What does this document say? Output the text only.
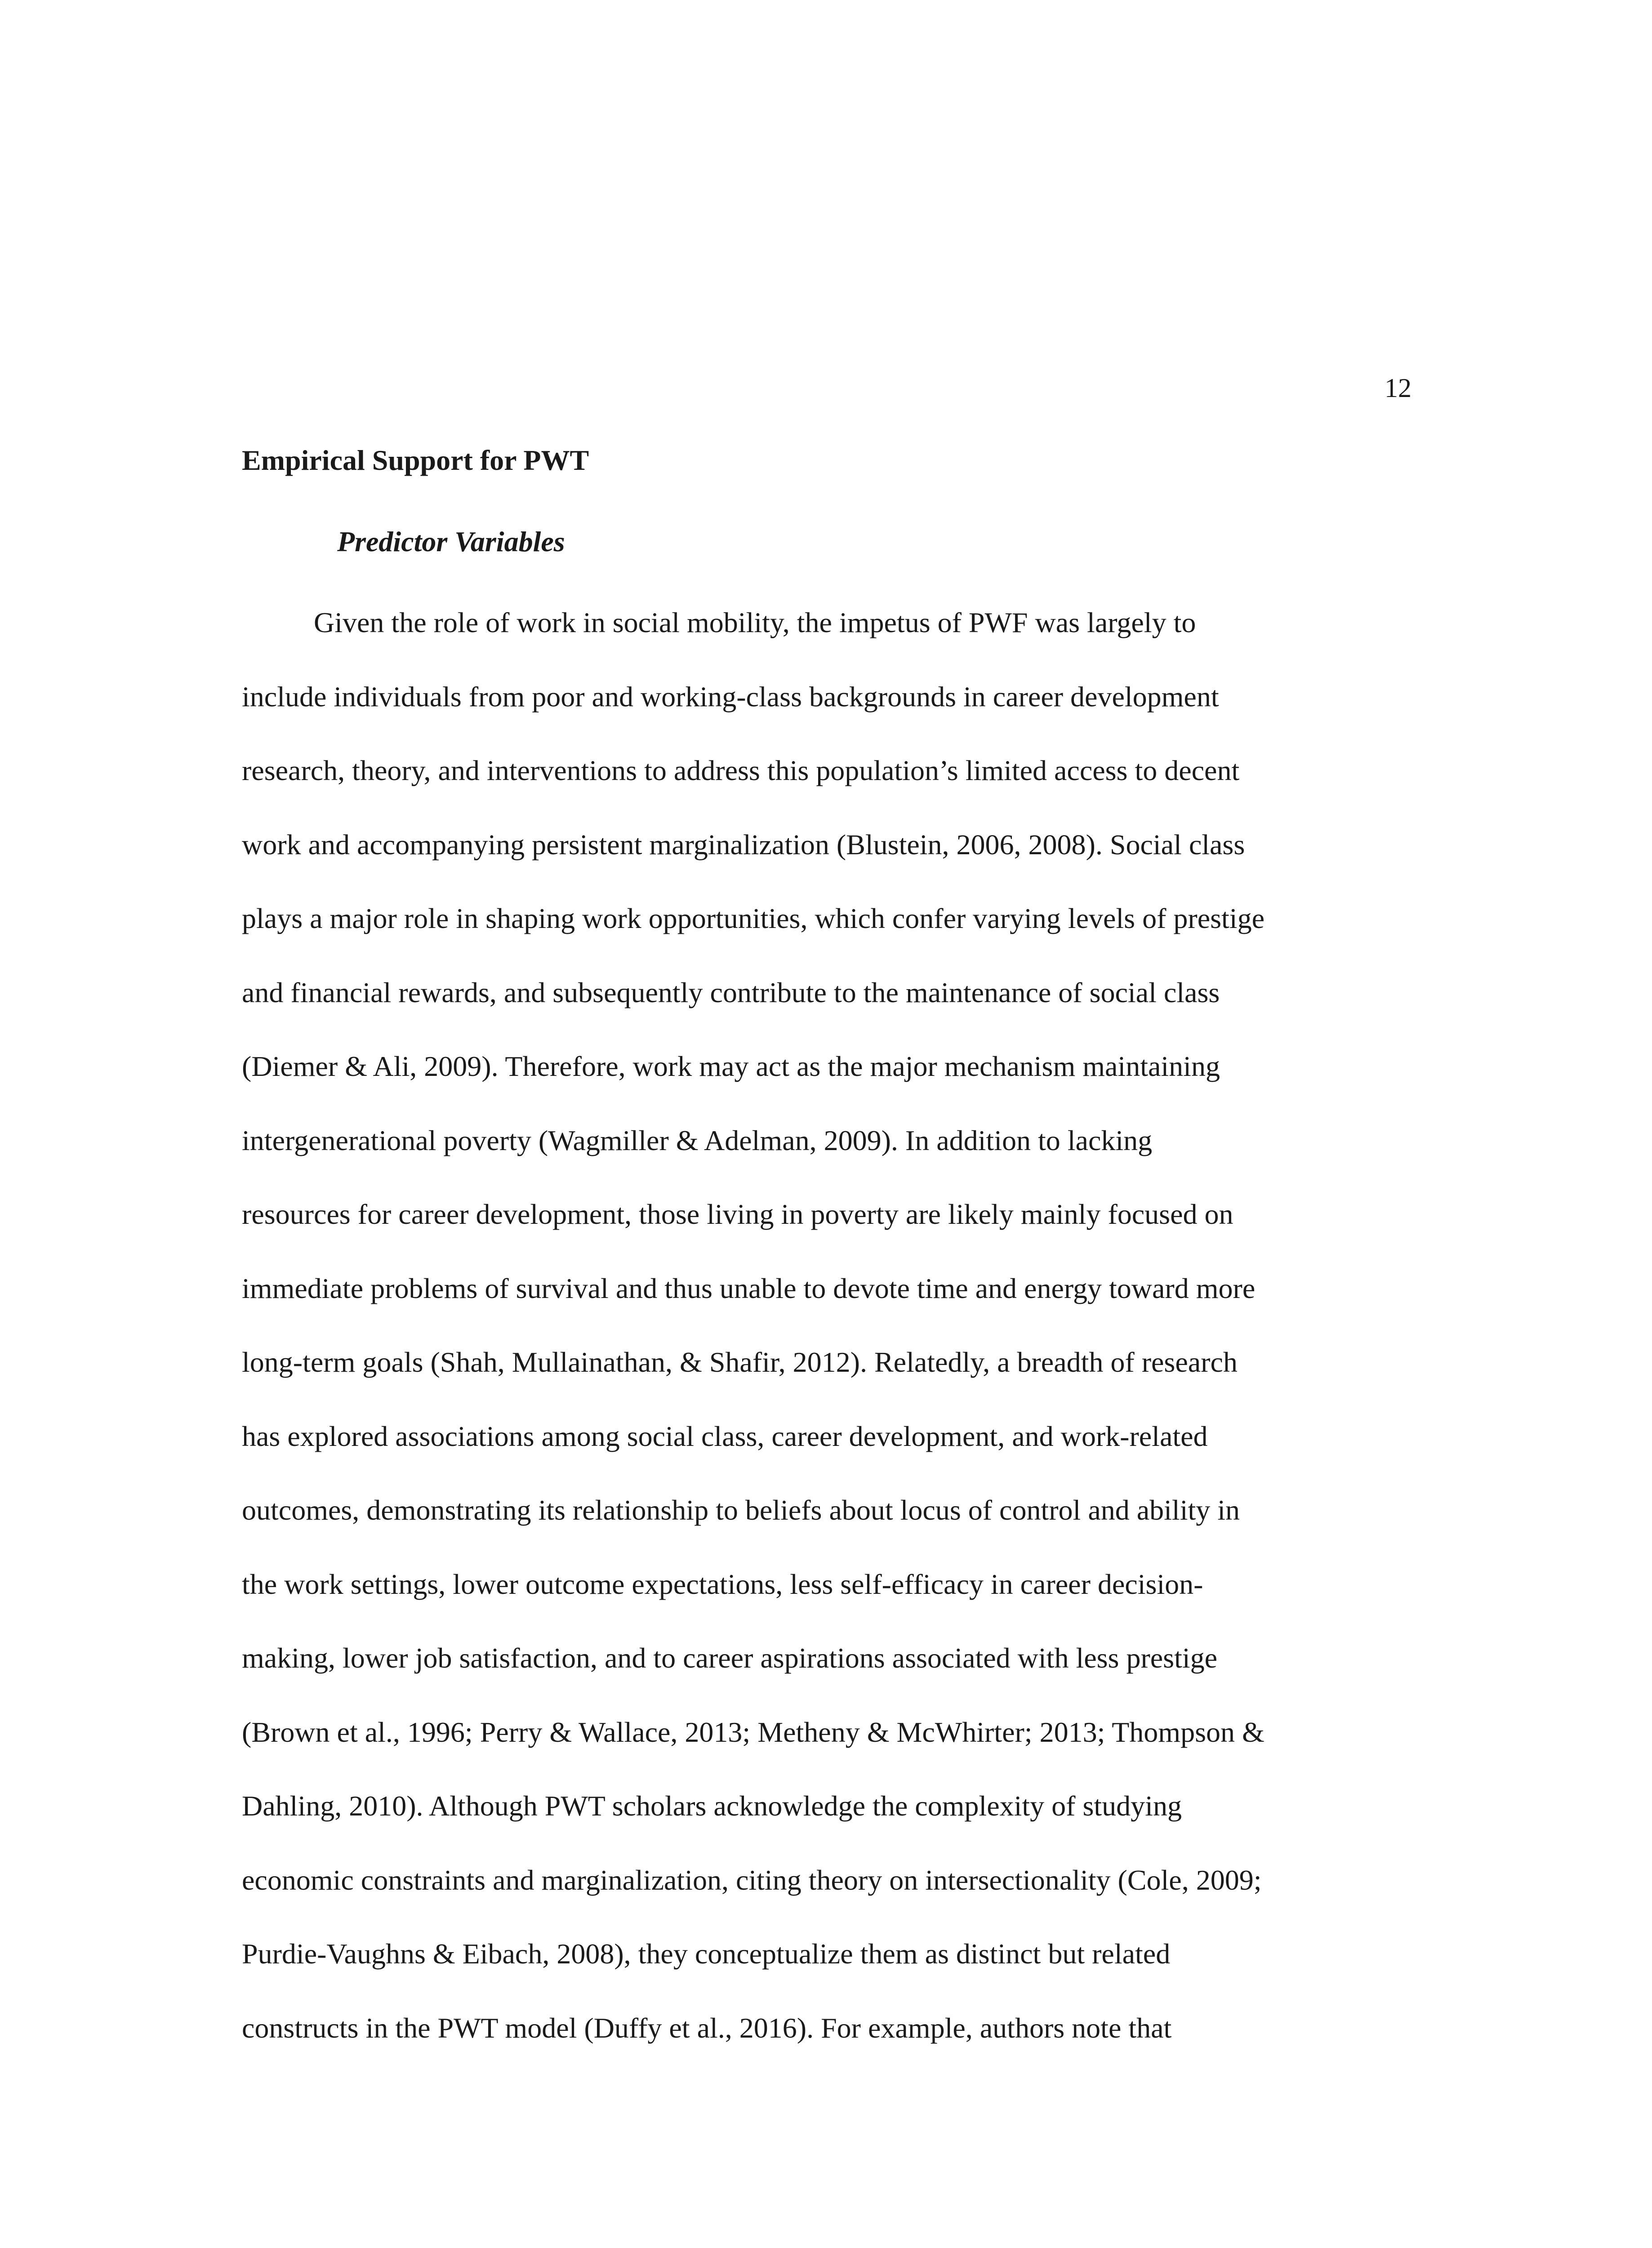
12
Empirical Support for PWT
Predictor Variables
Given the role of work in social mobility, the impetus of PWF was largely to
include individuals from poor and working-class backgrounds in career development
research, theory, and interventions to address this population’s limited access to decent
work and accompanying persistent marginalization (Blustein, 2006, 2008). Social class
plays a major role in shaping work opportunities, which confer varying levels of prestige
and financial rewards, and subsequently contribute to the maintenance of social class
(Diemer & Ali, 2009). Therefore, work may act as the major mechanism maintaining
intergenerational poverty (Wagmiller & Adelman, 2009). In addition to lacking
resources for career development, those living in poverty are likely mainly focused on
immediate problems of survival and thus unable to devote time and energy toward more
long-term goals (Shah, Mullainathan, & Shafir, 2012). Relatedly, a breadth of research
has explored associations among social class, career development, and work-related
outcomes, demonstrating its relationship to beliefs about locus of control and ability in
the work settings, lower outcome expectations, less self-efficacy in career decision-
making, lower job satisfaction, and to career aspirations associated with less prestige
(Brown et al., 1996; Perry & Wallace, 2013; Metheny & McWhirter; 2013; Thompson &
Dahling, 2010). Although PWT scholars acknowledge the complexity of studying
economic constraints and marginalization, citing theory on intersectionality (Cole, 2009;
Purdie-Vaughns & Eibach, 2008), they conceptualize them as distinct but related
constructs in the PWT model (Duffy et al., 2016). For example, authors note that
